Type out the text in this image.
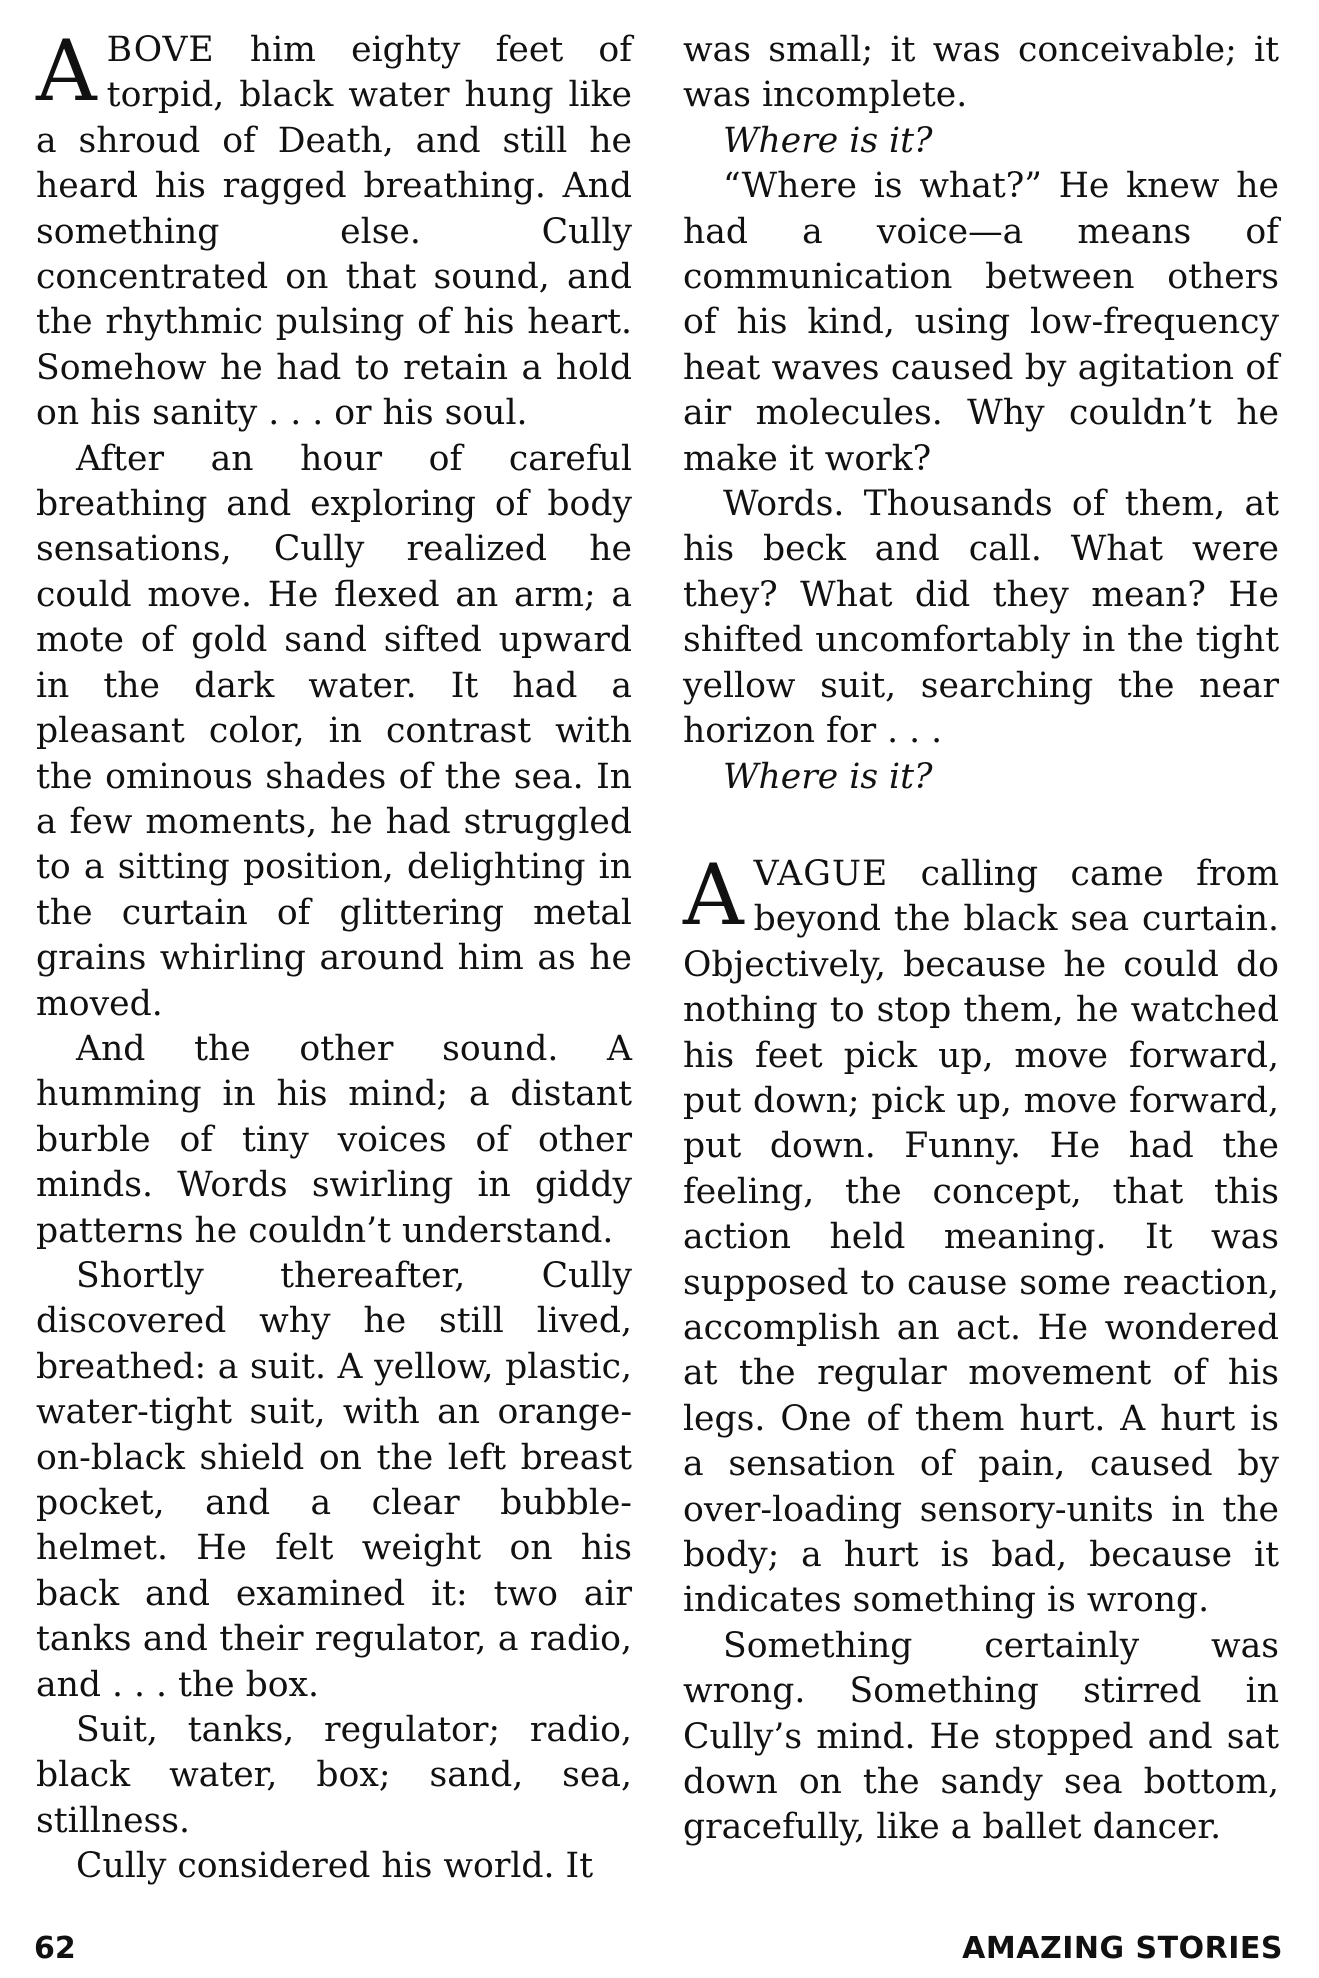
ABOVE him eighty feet of torpid, black water hung like a shroud of Death, and still he heard his ragged breathing. And something else. Cully concentrated on that sound, and the rhythmic pulsing of his heart. Somehow he had to retain a hold on his sanity . . . or his soul.

After an hour of careful breathing and exploring of body sensations, Cully realized he could move. He flexed an arm; a mote of gold sand sifted upward in the dark water. It had a pleasant color, in contrast with the ominous shades of the sea. In a few moments, he had struggled to a sitting position, delighting in the curtain of glittering metal grains whirling around him as he moved.

And the other sound. A humming in his mind; a distant burble of tiny voices of other minds. Words swirling in giddy patterns he couldn’t understand.

Shortly thereafter, Cully discovered why he still lived, breathed: a suit. A yellow, plastic, water-tight suit, with an orange-on-black shield on the left breast pocket, and a clear bubble-helmet. He felt weight on his back and examined it: two air tanks and their regulator, a radio, and . . . the box.

Suit, tanks, regulator; radio, black water, box; sand, sea, stillness.

Cully considered his world. It

was small; it was conceivable; it was incomplete.

Where is it?

“Where is what?” He knew he had a voice—a means of communication between others of his kind, using low-frequency heat waves caused by agitation of air molecules. Why couldn’t he make it work?

Words. Thousands of them, at his beck and call. What were they? What did they mean? He shifted uncomfortably in the tight yellow suit, searching the near horizon for . . .

Where is it?

AVAGUE calling came from beyond the black sea curtain. Objectively, because he could do nothing to stop them, he watched his feet pick up, move forward, put down; pick up, move forward, put down. Funny. He had the feeling, the concept, that this action held meaning. It was supposed to cause some reaction, accomplish an act. He wondered at the regular movement of his legs. One of them hurt. A hurt is a sensation of pain, caused by over-loading sensory-units in the body; a hurt is bad, because it indicates something is wrong.

Something certainly was wrong. Something stirred in Cully’s mind. He stopped and sat down on the sandy sea bottom, gracefully, like a ballet dancer.

62	AMAZING STORIES
